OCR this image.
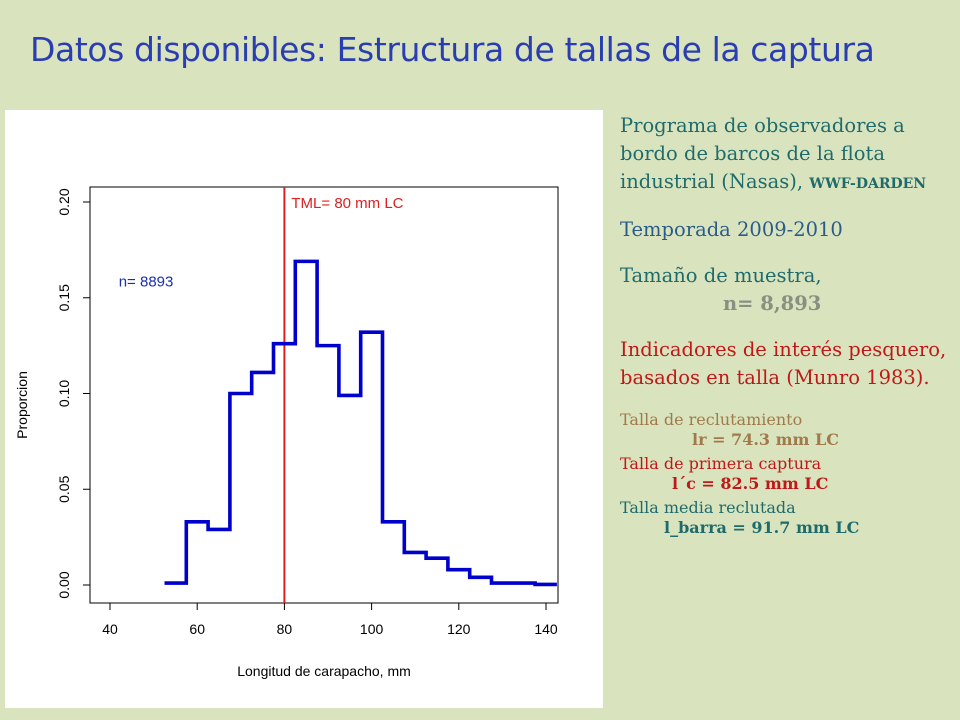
Datos disponibles: Estructura de tallas de la captura
40	60	80	100	120	140
0.00
0.05
0.10
0.15
0.20	TML= 80 mm LC
n= 8893
Longitud de carapacho, mm
Proporcion

Programa de observadores a bordo de barcos de la flota industrial (Nasas), WWF-DARDEN

Temporada 2009-2010

Tamaño de muestra,
n= 8,893

Indicadores de interés pesquero, basados en talla (Munro 1983).

Talla de reclutamiento

lr = 74.3 mm LC

Talla de primera captura

l´c = 82.5 mm LC

Talla media reclutada

l_barra = 91.7 mm LC
